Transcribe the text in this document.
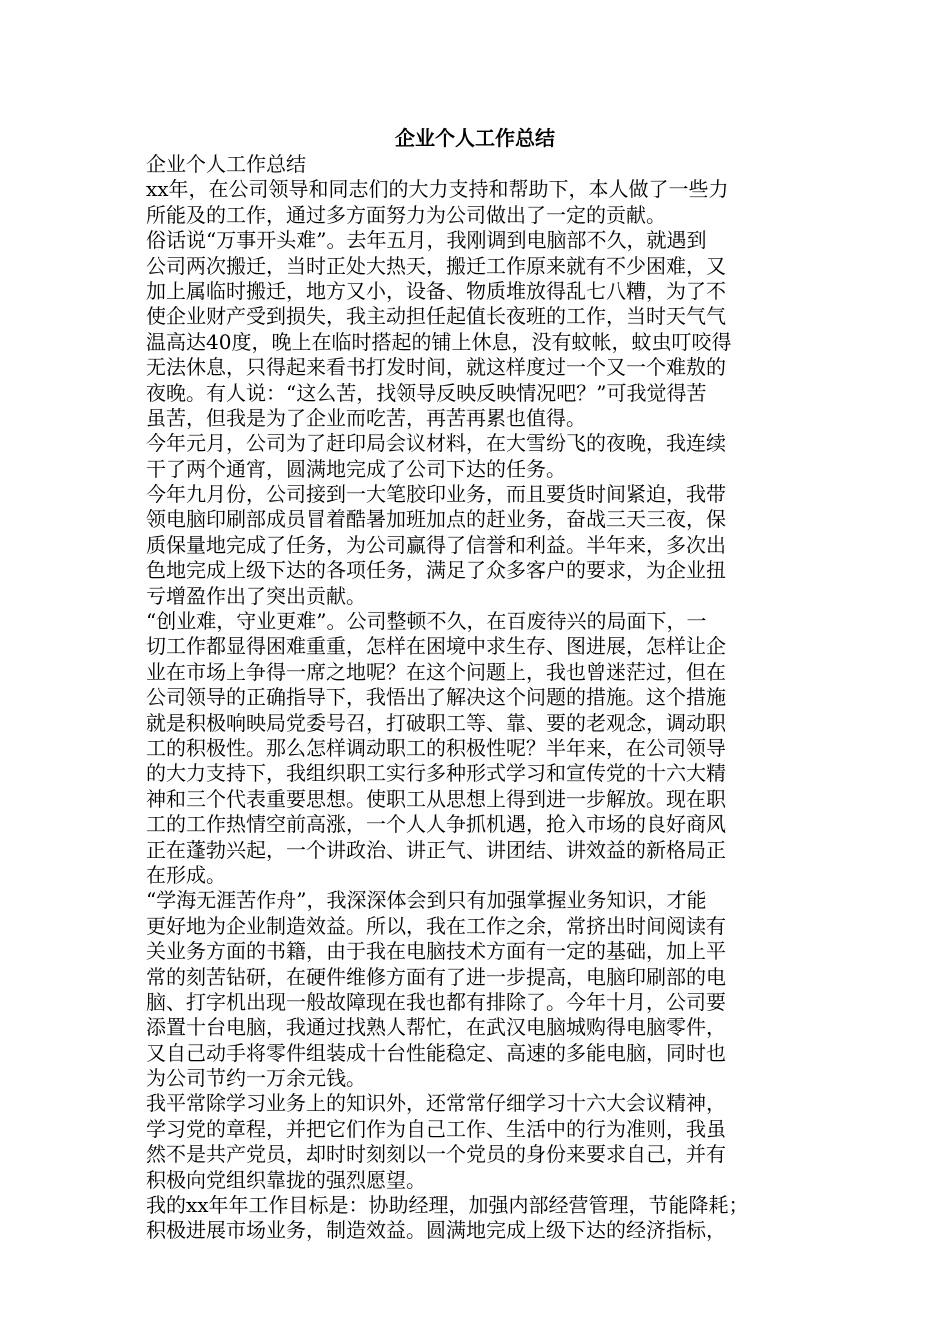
企业个人工作总结
企业个人工作总结
xx年，在公司领导和同志们的大力支持和帮助下，本人做了一些力
所能及的工作，通过多方面努力为公司做出了一定的贡献。
俗话说“万事开头难”。去年五月，我刚调到电脑部不久，就遇到
公司两次搬迁，当时正处大热天，搬迁工作原来就有不少困难，又
加上属临时搬迁，地方又小，设备、物质堆放得乱七八糟，为了不
使企业财产受到损失，我主动担任起值长夜班的工作，当时天气气
温高达40度，晚上在临时搭起的铺上休息，没有蚊帐，蚊虫叮咬得
无法休息，只得起来看书打发时间，就这样度过一个又一个难敖的
夜晚。有人说：“这么苦，找领导反映反映情况吧？”可我觉得苦
虽苦，但我是为了企业而吃苦，再苦再累也值得。
今年元月，公司为了赶印局会议材料，在大雪纷飞的夜晚，我连续
干了两个通宵，圆满地完成了公司下达的任务。
今年九月份，公司接到一大笔胶印业务，而且要货时间紧迫，我带
领电脑印刷部成员冒着酷暑加班加点的赶业务，奋战三天三夜，保
质保量地完成了任务，为公司赢得了信誉和利益。半年来，多次出
色地完成上级下达的各项任务，满足了众多客户的要求，为企业扭
亏增盈作出了突出贡献。
“创业难，守业更难”。公司整顿不久，在百废待兴的局面下，一
切工作都显得困难重重，怎样在困境中求生存、图进展，怎样让企
业在市场上争得一席之地呢？在这个问题上，我也曾迷茫过，但在
公司领导的正确指导下，我悟出了解决这个问题的措施。这个措施
就是积极响映局党委号召，打破职工等、靠、要的老观念，调动职
工的积极性。那么怎样调动职工的积极性呢？半年来，在公司领导
的大力支持下，我组织职工实行多种形式学习和宣传党的十六大精
神和三个代表重要思想。使职工从思想上得到进一步解放。现在职
工的工作热情空前高涨，一个人人争抓机遇，抢入市场的良好商风
正在蓬勃兴起，一个讲政治、讲正气、讲团结、讲效益的新格局正
在形成。
“学海无涯苦作舟”，我深深体会到只有加强掌握业务知识，才能
更好地为企业制造效益。所以，我在工作之余，常挤出时间阅读有
关业务方面的书籍，由于我在电脑技术方面有一定的基础，加上平
常的刻苦钻研，在硬件维修方面有了进一步提高，电脑印刷部的电
脑、打字机出现一般故障现在我也都有排除了。今年十月，公司要
添置十台电脑，我通过找熟人帮忙，在武汉电脑城购得电脑零件，
又自己动手将零件组装成十台性能稳定、高速的多能电脑，同时也
为公司节约一万余元钱。
我平常除学习业务上的知识外，还常常仔细学习十六大会议精神，
学习党的章程，并把它们作为自己工作、生活中的行为准则，我虽
然不是共产党员，却时时刻刻以一个党员的身份来要求自己，并有
积极向党组织靠拢的强烈愿望。
我的xx年年工作目标是：协助经理，加强内部经营管理，节能降耗；
积极进展市场业务，制造效益。圆满地完成上级下达的经济指标，
